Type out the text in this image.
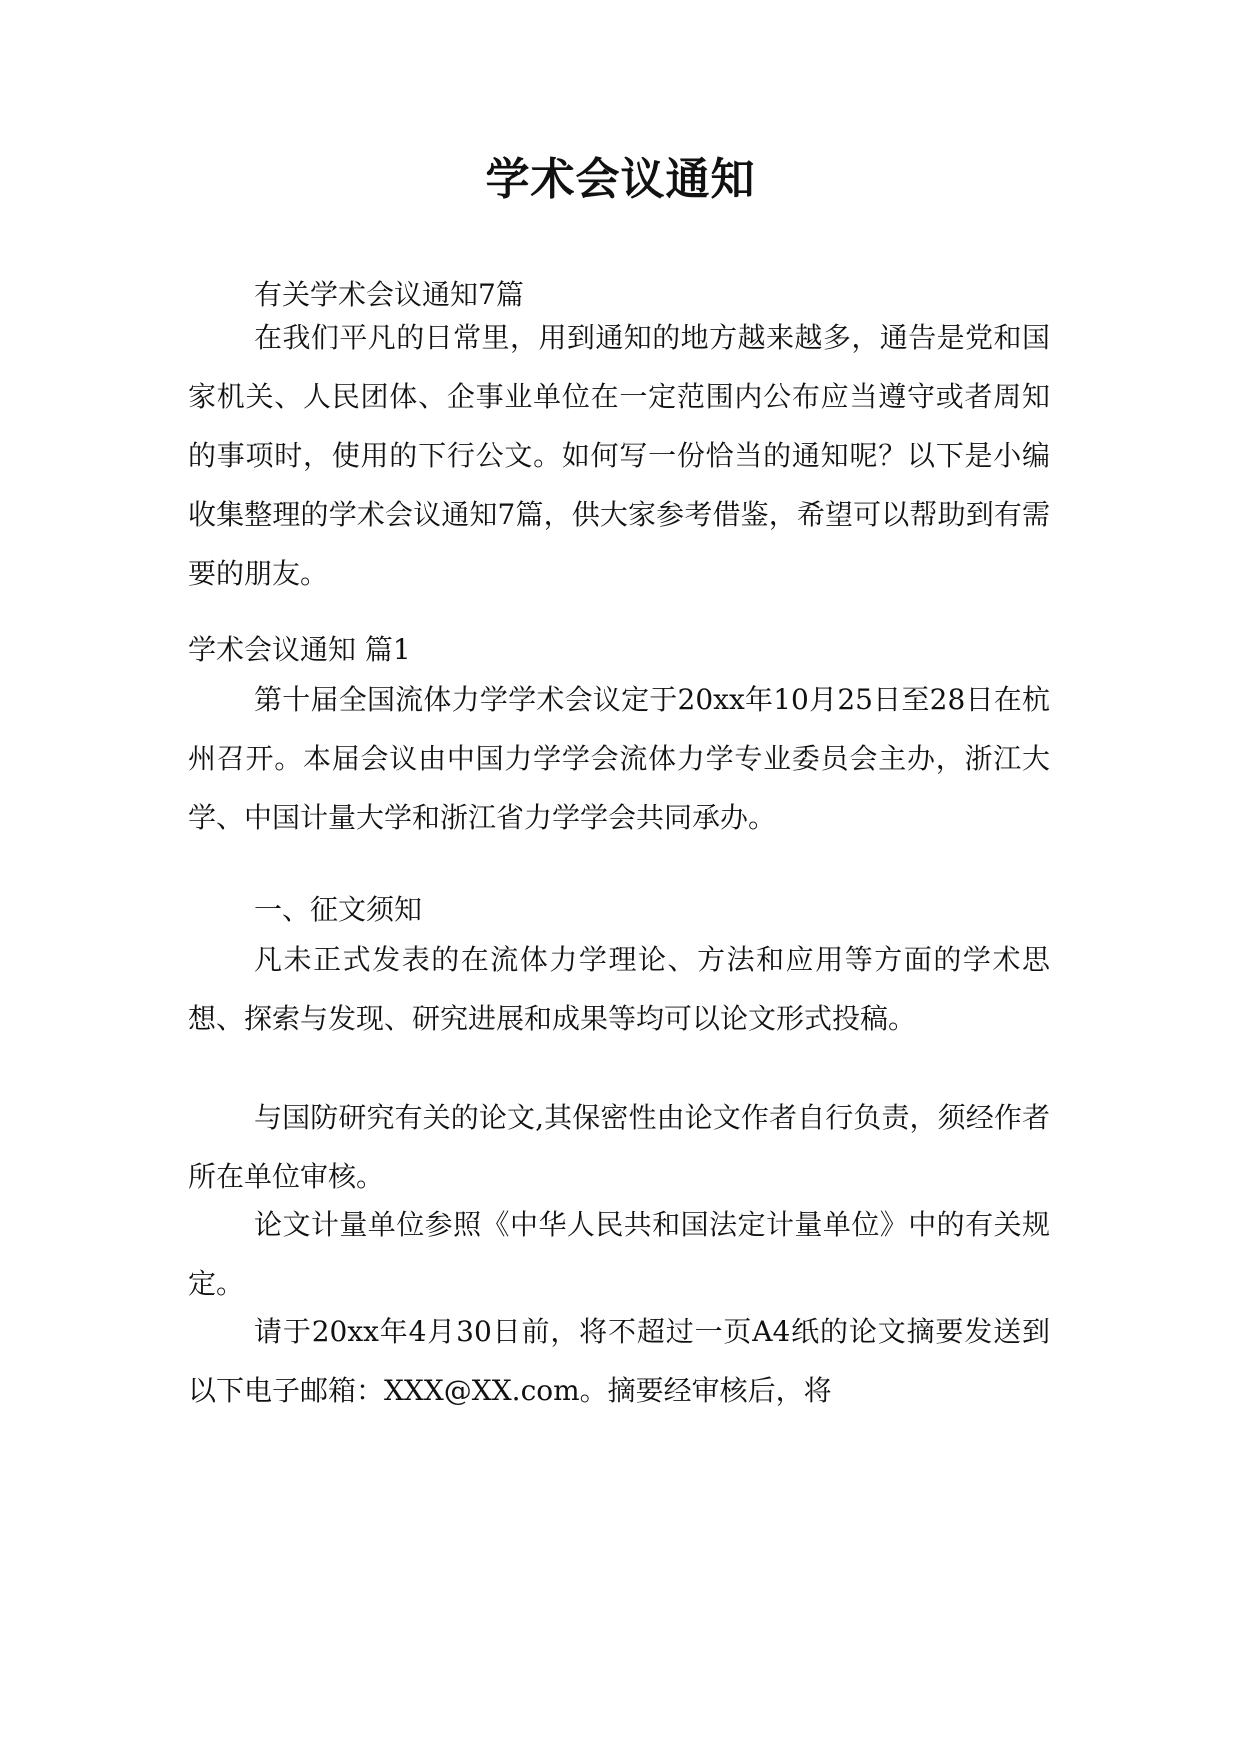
学术会议通知

有关学术会议通知7篇

在我们平凡的日常里，用到通知的地方越来越多，通告是党和国家机关、人民团体、企事业单位在一定范围内公布应当遵守或者周知的事项时，使用的下行公文。如何写一份恰当的通知呢？以下是小编收集整理的学术会议通知7篇，供大家参考借鉴，希望可以帮助到有需要的朋友。

学术会议通知 篇1

第十届全国流体力学学术会议定于20xx年10月25日至28日在杭州召开。本届会议由中国力学学会流体力学专业委员会主办，浙江大学、中国计量大学和浙江省力学学会共同承办。

一、征文须知

凡未正式发表的在流体力学理论、方法和应用等方面的学术思想、探索与发现、研究进展和成果等均可以论文形式投稿。

与国防研究有关的论文,其保密性由论文作者自行负责，须经作者所在单位审核。

论文计量单位参照《中华人民共和国法定计量单位》中的有关规定。

请于20xx年4月30日前，将不超过一页A4纸的论文摘要发送到以下电子邮箱：XXX@XX.com。摘要经审核后，将
